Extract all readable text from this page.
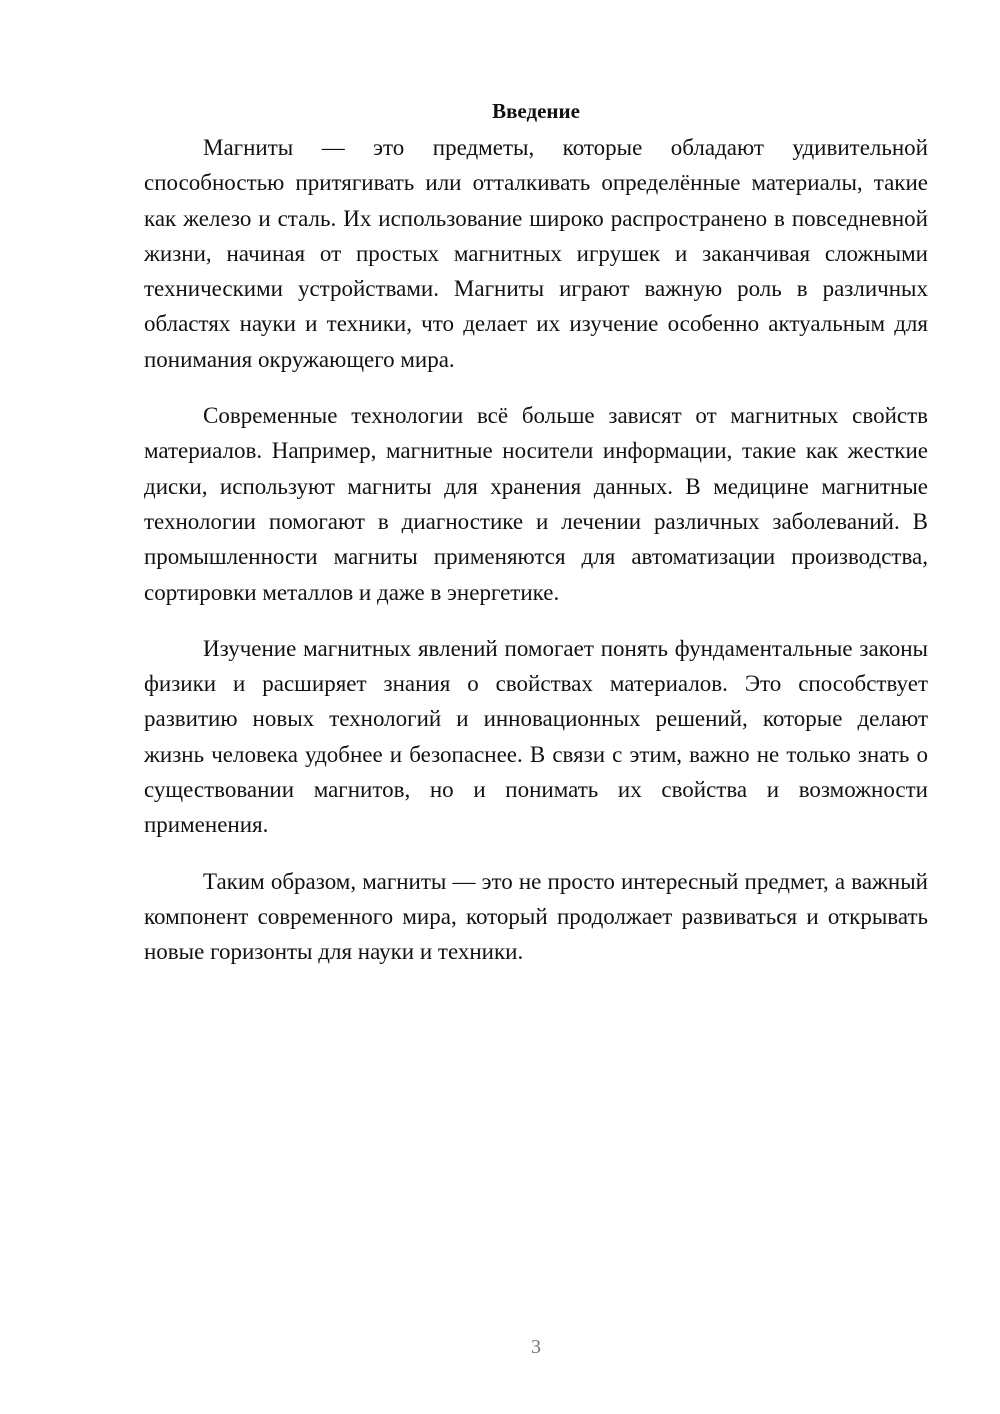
Введение

Магниты — это предметы, которые обладают удивительной способностью притягивать или отталкивать определённые материалы, такие как железо и сталь. Их использование широко распространено в повседневной жизни, начиная от простых магнитных игрушек и заканчивая сложными техническими устройствами. Магниты играют важную роль в различных областях науки и техники, что делает их изучение особенно актуальным для понимания окружающего мира.

Современные технологии всё больше зависят от магнитных свойств материалов. Например, магнитные носители информации, такие как жесткие диски, используют магниты для хранения данных. В медицине магнитные технологии помогают в диагностике и лечении различных заболеваний. В промышленности магниты применяются для автоматизации производства, сортировки металлов и даже в энергетике.

Изучение магнитных явлений помогает понять фундаментальные законы физики и расширяет знания о свойствах материалов. Это способствует развитию новых технологий и инновационных решений, которые делают жизнь человека удобнее и безопаснее. В связи с этим, важно не только знать о существовании магнитов, но и понимать их свойства и возможности применения.

Таким образом, магниты — это не просто интересный предмет, а важный компонент современного мира, который продолжает развиваться и открывать новые горизонты для науки и техники.

3
